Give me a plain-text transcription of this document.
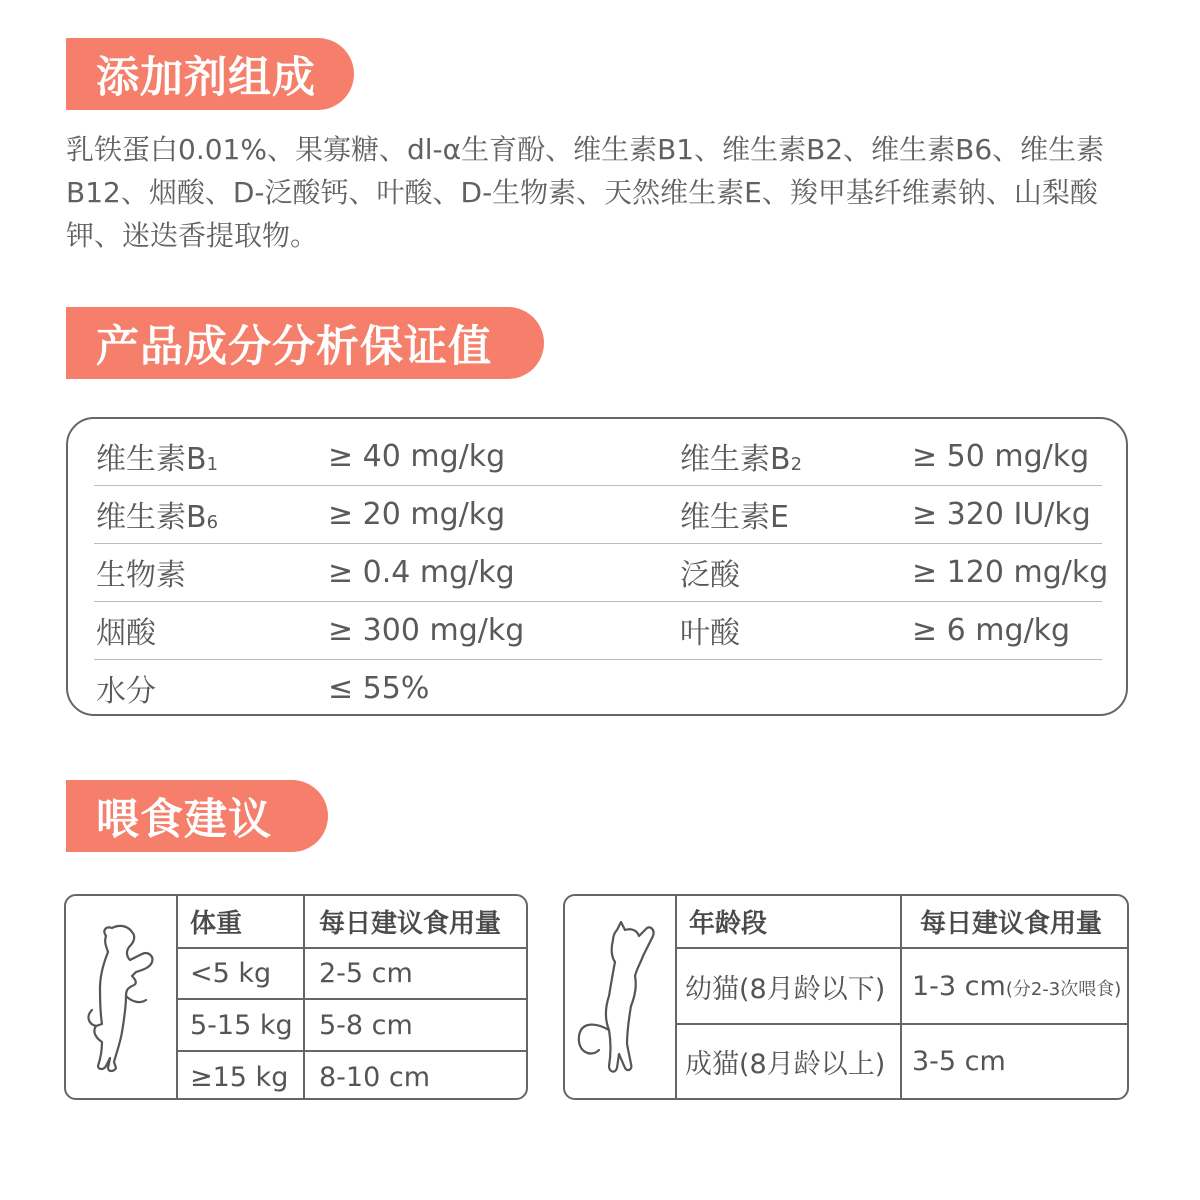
添加剂组成

乳铁蛋白0.01%、果寡糖、dl-α生育酚、维生素B1、维生素B2、维生素B6、维生素B12、烟酸、D-泛酸钙、叶酸、D-生物素、天然维生素E、羧甲基纤维素钠、山梨酸钾、迷迭香提取物。

产品成分分析保证值
维生素$B_1$	≥ 40 mg/kg	维生素$B_2$	≥ 50 mg/kg
维生素$B_6$	≥ 20 mg/kg	维生素E	≥ 320 IU/kg
生物素	≥ 0.4 mg/kg	泛酸	≥ 120 mg/kg
烟酸	≥ 300 mg/kg	叶酸	≥ 6 mg/kg
水分	≤ 55%
喂食建议
体重	每日建议食用量
<5 kg	2-5 cm
5-15 kg	5-8 cm
≥15 kg	8-10 cm
年龄段	每日建议食用量
幼猫(8月龄以下)	1-3 cm(分2-3次喂食)
成猫(8月龄以上)	3-5 cm
